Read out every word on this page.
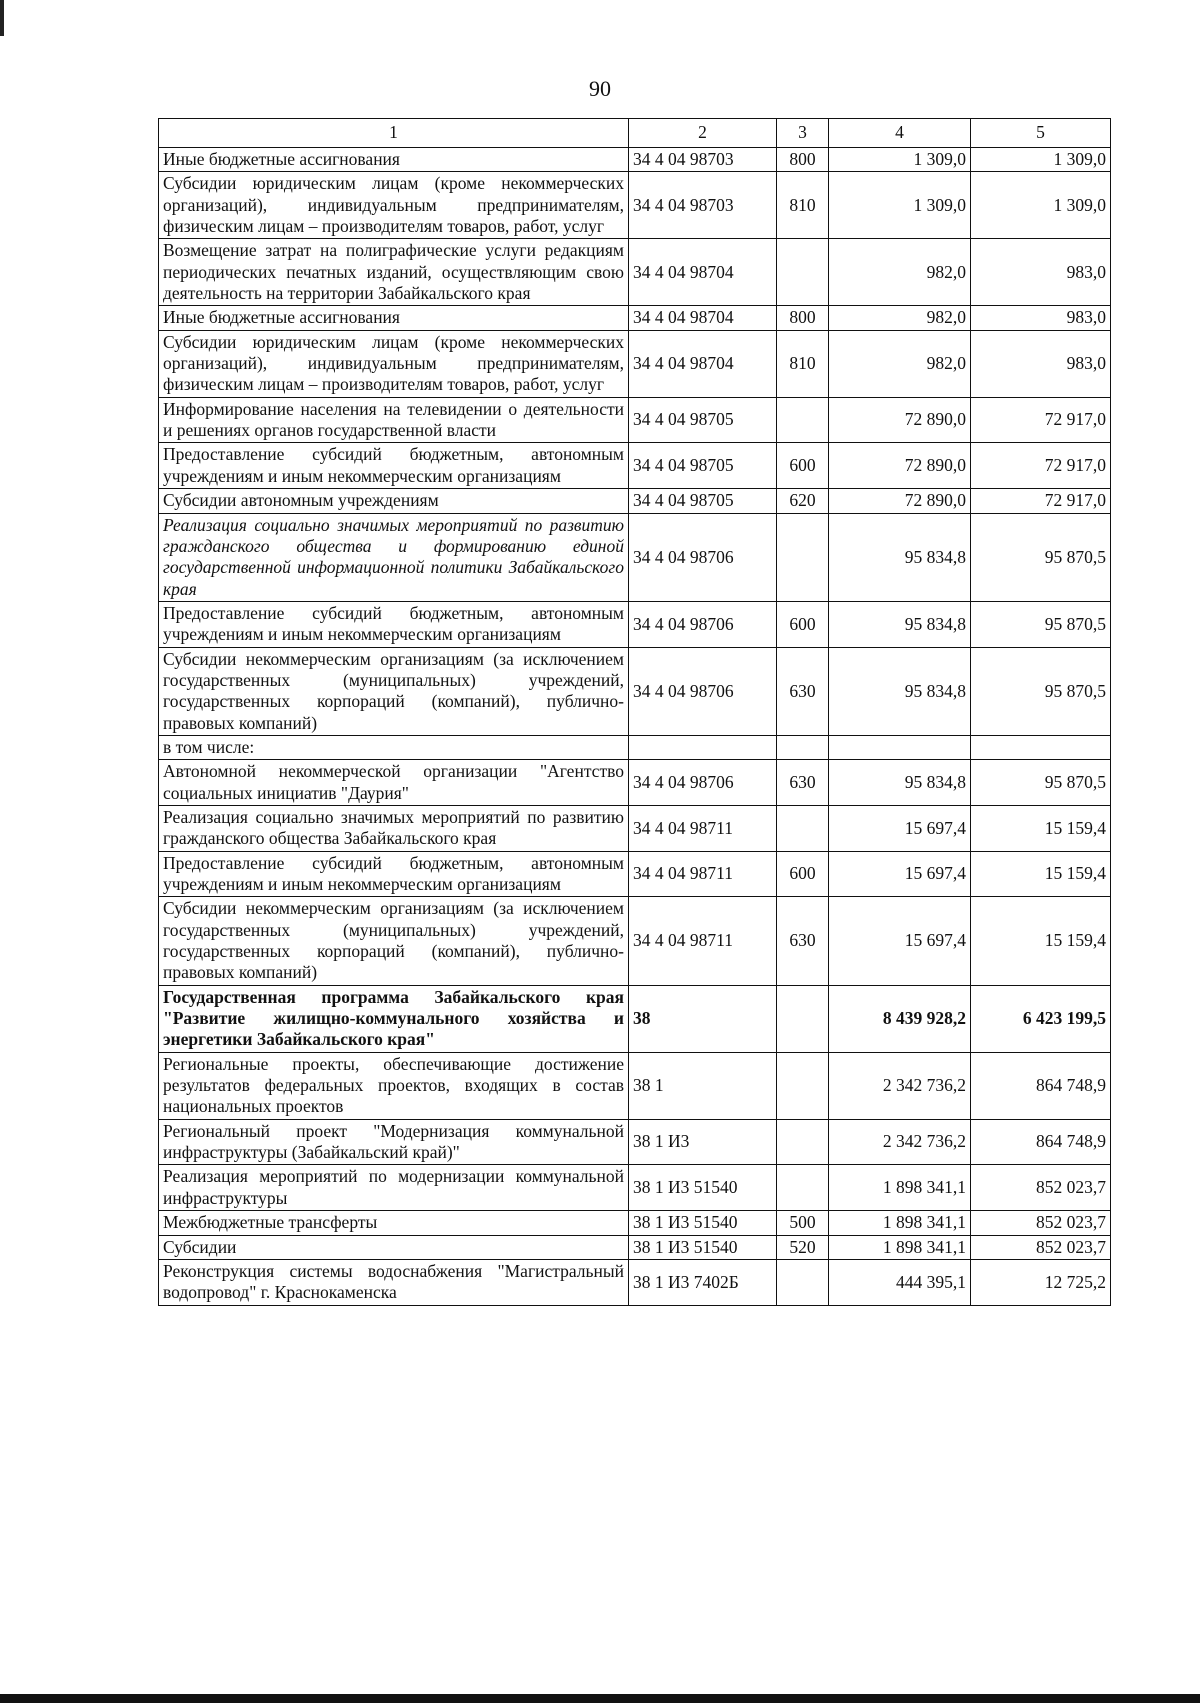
90
1	2	3	4	5
Иные бюджетные ассигнования	34 4 04 98703	800	1 309,0	1 309,0
Субсидии юридическим лицам (кроме некоммерческих организаций), индивидуальным предпринимателям, физическим лицам – производителям товаров, работ, услуг	34 4 04 98703	810	1 309,0	1 309,0
Возмещение затрат на полиграфические услуги редакциям периодических печатных изданий, осуществляющим свою деятельность на территории Забайкальского края	34 4 04 98704		982,0	983,0
Иные бюджетные ассигнования	34 4 04 98704	800	982,0	983,0
Субсидии юридическим лицам (кроме некоммерческих организаций), индивидуальным предпринимателям, физическим лицам – производителям товаров, работ, услуг	34 4 04 98704	810	982,0	983,0
Информирование населения на телевидении о деятельности и решениях органов государственной власти	34 4 04 98705		72 890,0	72 917,0
Предоставление субсидий бюджетным, автономным учреждениям и иным некоммерческим организациям	34 4 04 98705	600	72 890,0	72 917,0
Субсидии автономным учреждениям	34 4 04 98705	620	72 890,0	72 917,0
Реализация социально значимых мероприятий по развитию гражданского общества и формированию единой государственной информационной политики Забайкальского края	34 4 04 98706		95 834,8	95 870,5
Предоставление субсидий бюджетным, автономным учреждениям и иным некоммерческим организациям	34 4 04 98706	600	95 834,8	95 870,5
Субсидии некоммерческим организациям (за исключением государственных (муниципальных) учреждений, государственных корпораций (компаний), публично-правовых компаний)	34 4 04 98706	630	95 834,8	95 870,5
в том числе:				
Автономной некоммерческой организации "Агентство социальных инициатив "Даурия"	34 4 04 98706	630	95 834,8	95 870,5
Реализация социально значимых мероприятий по развитию гражданского общества Забайкальского края	34 4 04 98711		15 697,4	15 159,4
Предоставление субсидий бюджетным, автономным учреждениям и иным некоммерческим организациям	34 4 04 98711	600	15 697,4	15 159,4
Субсидии некоммерческим организациям (за исключением государственных (муниципальных) учреждений, государственных корпораций (компаний), публично-правовых компаний)	34 4 04 98711	630	15 697,4	15 159,4
Государственная программа Забайкальского края "Развитие жилищно-коммунального хозяйства и энергетики Забайкальского края"	38		8 439 928,2	6 423 199,5
Региональные проекты, обеспечивающие достижение результатов федеральных проектов, входящих в состав национальных проектов	38 1		2 342 736,2	864 748,9
Региональный проект "Модернизация коммунальной инфраструктуры (Забайкальский край)"	38 1 И3		2 342 736,2	864 748,9
Реализация мероприятий по модернизации коммунальной инфраструктуры	38 1 И3 51540		1 898 341,1	852 023,7
Межбюджетные трансферты	38 1 И3 51540	500	1 898 341,1	852 023,7
Субсидии	38 1 И3 51540	520	1 898 341,1	852 023,7
Реконструкция системы водоснабжения "Магистральный водопровод" г. Краснокаменска	38 1 И3 7402Б		444 395,1	12 725,2
